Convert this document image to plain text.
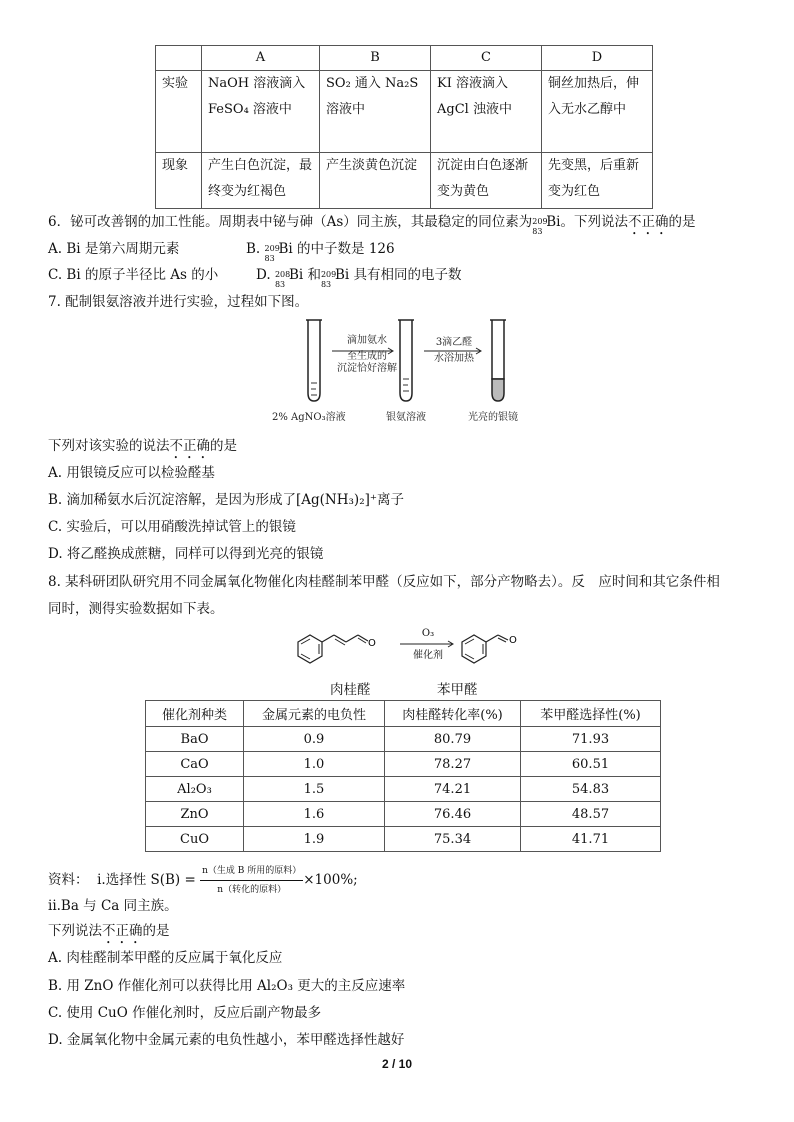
	A	B	C	D
实验	NaOH 溶液滴入 FeSO₄ 溶液中	SO₂ 通入 Na₂S 溶液中	KI 溶液滴入 AgCl 浊液中	铜丝加热后，伸入无水乙醇中
现象	产生白色沉淀，最终变为红褐色	产生淡黄色沉淀	沉淀由白色逐渐变为黄色	先变黑，后重新变为红色
6．铋可改善钢的加工性能。周期表中铋与砷（As）同主族，其最稳定的同位素为 209
83
Bi。下列说法不正确的是
A. Bi 是第六周期元素	B. 209
83
Bi 的中子数是 126
C. Bi 的原子半径比 As 的小	D. 208
83
Bi 和 209
83
Bi 具有相同的电子数
7. 配制银氨溶液并进行实验，过程如下图。
滴加氨水
至生成的
沉淀恰好溶解
3滴乙醛
水浴加热
2% AgNO₃溶液	银氨溶液	光亮的银镜
下列对该实验的说法不正确的是
A. 用银镜反应可以检验醛基
B. 滴加稀氨水后沉淀溶解，是因为形成了[Ag(NH₃)₂]⁺离子
C. 实验后，可以用硝酸洗掉试管上的银镜
D. 将乙醛换成蔗糖，同样可以得到光亮的银镜
8. 某科研团队研究用不同金属氧化物催化肉桂醛制苯甲醛（反应如下，部分产物略去）。反　应时间和其它条件相
同时，测得实验数据如下表。
O	O
O₃
催化剂
肉桂醛	苯甲醛
催化剂种类	金属元素的电负性	肉桂醛转化率(%)	苯甲醛选择性(%)
BaO	0.9	80.79	71.93
CaO	1.0	78.27	60.51
Al₂O₃	1.5	74.21	54.83
ZnO	1.6	76.46	48.57
CuO	1.9	75.34	41.71
资料： i.选择性 $S(B) = \frac{\text{n（生成 B 所用的原料）}}{\text{n（转化的原料）}} \times 100\%$;
ii.Ba 与 Ca 同主族。
下列说法不正确的是
A. 肉桂醛制苯甲醛的反应属于氧化反应
B. 用 ZnO 作催化剂可以获得比用 Al₂O₃ 更大的主反应速率
C. 使用 CuO 作催化剂时，反应后副产物最多
D. 金属氧化物中金属元素的电负性越小，苯甲醛选择性越好
2 / 10
